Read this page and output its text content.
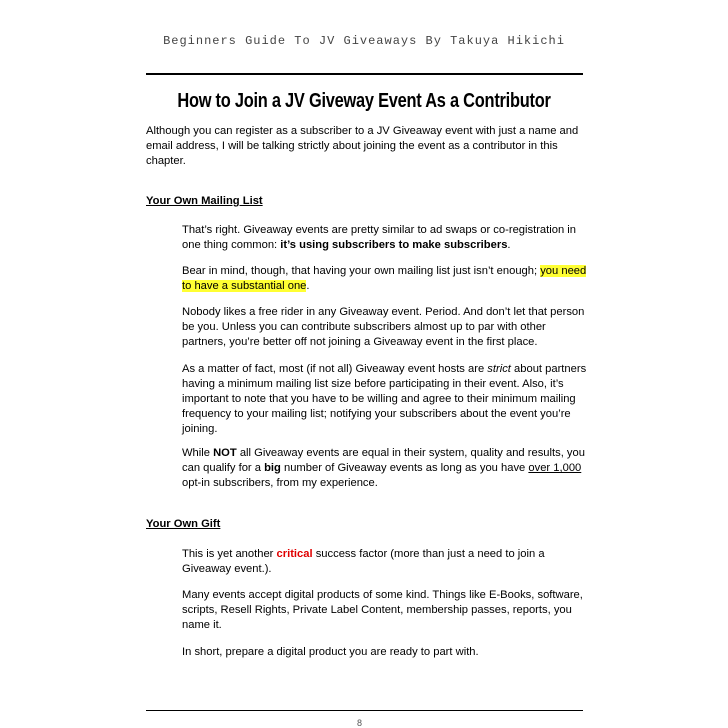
Beginners Guide To JV Giveaways By Takuya Hikichi
How to Join a JV Giveway Event As a Contributor

Although you can register as a subscriber to a JV Giveaway event with just a name and email address, I will be talking strictly about joining the event as a contributor in this chapter.

Your Own Mailing List

That’s right. Giveaway events are pretty similar to ad swaps or co-registration in one thing common: it’s using subscribers to make subscribers.

Bear in mind, though, that having your own mailing list just isn’t enough; you need to have a substantial one.

Nobody likes a free rider in any Giveaway event. Period. And don’t let that person be you. Unless you can contribute subscribers almost up to par with other partners, you’re better off not joining a Giveaway event in the first place.

As a matter of fact, most (if not all) Giveaway event hosts are strict about partners having a minimum mailing list size before participating in their event. Also, it’s important to note that you have to be willing and agree to their minimum mailing frequency to your mailing list; notifying your subscribers about the event you’re joining.

While NOT all Giveaway events are equal in their system, quality and results, you can qualify for a big number of Giveaway events as long as you have over 1,000 opt-in subscribers, from my experience.

Your Own Gift

This is yet another critical success factor (more than just a need to join a Giveaway event.).

Many events accept digital products of some kind. Things like E-Books, software, scripts, Resell Rights, Private Label Content, membership passes, reports, you name it.

In short, prepare a digital product you are ready to part with.

8
